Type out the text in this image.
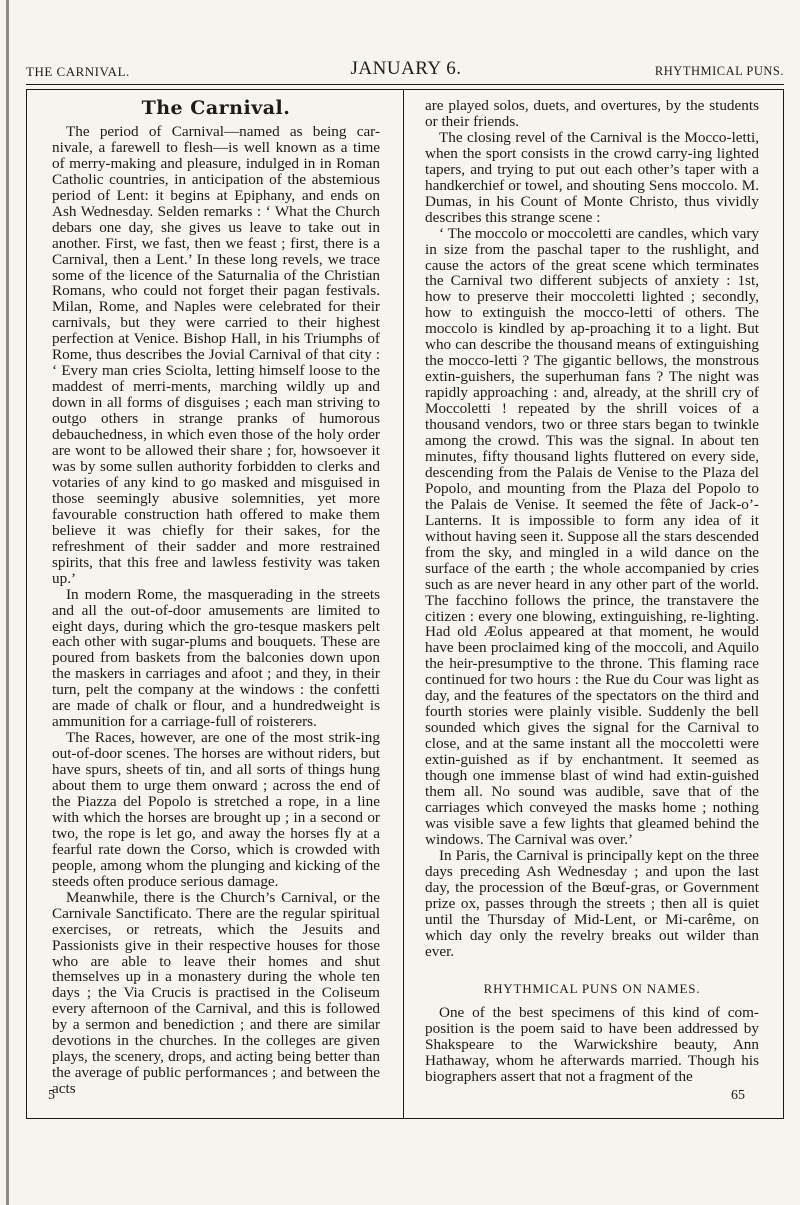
THE CARNIVAL.	JANUARY 6.	RHYTHMICAL PUNS.
The Carnival.

The period of Carnival—named as being car-nivale, a farewell to flesh—is well known as a time of merry-making and pleasure, indulged in in Roman Catholic countries, in anticipation of the abstemious period of Lent: it begins at Epiphany, and ends on Ash Wednesday. Selden remarks : ‘ What the Church debars one day, she gives us leave to take out in another. First, we fast, then we feast ; first, there is a Carnival, then a Lent.’ In these long revels, we trace some of the licence of the Saturnalia of the Christian Romans, who could not forget their pagan festivals. Milan, Rome, and Naples were celebrated for their carnivals, but they were carried to their highest perfection at Venice. Bishop Hall, in his Triumphs of Rome, thus describes the Jovial Carnival of that city : ‘ Every man cries Sciolta, letting himself loose to the maddest of merri-ments, marching wildly up and down in all forms of disguises ; each man striving to outgo others in strange pranks of humorous debauchedness, in which even those of the holy order are wont to be allowed their share ; for, howsoever it was by some sullen authority forbidden to clerks and votaries of any kind to go masked and misguised in those seemingly abusive solemnities, yet more favourable construction hath offered to make them believe it was chiefly for their sakes, for the refreshment of their sadder and more restrained spirits, that this free and lawless festivity was taken up.’

In modern Rome, the masquerading in the streets and all the out-of-door amusements are limited to eight days, during which the gro-tesque maskers pelt each other with sugar-plums and bouquets. These are poured from baskets from the balconies down upon the maskers in carriages and afoot ; and they, in their turn, pelt the company at the windows : the confetti are made of chalk or flour, and a hundredweight is ammunition for a carriage-full of roisterers.

The Races, however, are one of the most strik-ing out-of-door scenes. The horses are without riders, but have spurs, sheets of tin, and all sorts of things hung about them to urge them onward ; across the end of the Piazza del Popolo is stretched a rope, in a line with which the horses are brought up ; in a second or two, the rope is let go, and away the horses fly at a fearful rate down the Corso, which is crowded with people, among whom the plunging and kicking of the steeds often produce serious damage.

Meanwhile, there is the Church’s Carnival, or the Carnivale Sanctificato. There are the regular spiritual exercises, or retreats, which the Jesuits and Passionists give in their respective houses for those who are able to leave their homes and shut themselves up in a monastery during the whole ten days ; the Via Crucis is practised in the Coliseum every afternoon of the Carnival, and this is followed by a sermon and benediction ; and there are similar devotions in the churches. In the colleges are given plays, the scenery, drops, and acting being better than the average of public performances ; and between the acts

are played solos, duets, and overtures, by the students or their friends.

The closing revel of the Carnival is the Mocco-letti, when the sport consists in the crowd carry-ing lighted tapers, and trying to put out each other’s taper with a handkerchief or towel, and shouting Sens moccolo. M. Dumas, in his Count of Monte Christo, thus vividly describes this strange scene :

‘ The moccolo or moccoletti are candles, which vary in size from the paschal taper to the rushlight, and cause the actors of the great scene which terminates the Carnival two different subjects of anxiety : 1st, how to preserve their moccoletti lighted ; secondly, how to extinguish the mocco-letti of others. The moccolo is kindled by ap-proaching it to a light. But who can describe the thousand means of extinguishing the mocco-letti ? The gigantic bellows, the monstrous extin-guishers, the superhuman fans ? The night was rapidly approaching : and, already, at the shrill cry of Moccoletti ! repeated by the shrill voices of a thousand vendors, two or three stars began to twinkle among the crowd. This was the signal. In about ten minutes, fifty thousand lights fluttered on every side, descending from the Palais de Venise to the Plaza del Popolo, and mounting from the Plaza del Popolo to the Palais de Venise. It seemed the fête of Jack-o’-Lanterns. It is impossible to form any idea of it without having seen it. Suppose all the stars descended from the sky, and mingled in a wild dance on the surface of the earth ; the whole accompanied by cries such as are never heard in any other part of the world. The facchino follows the prince, the transtavere the citizen : every one blowing, extinguishing, re-lighting. Had old Æolus appeared at that moment, he would have been proclaimed king of the moccoli, and Aquilo the heir-presumptive to the throne. This flaming race continued for two hours : the Rue du Cour was light as day, and the features of the spectators on the third and fourth stories were plainly visible. Suddenly the bell sounded which gives the signal for the Carnival to close, and at the same instant all the moccoletti were extin-guished as if by enchantment. It seemed as though one immense blast of wind had extin-guished them all. No sound was audible, save that of the carriages which conveyed the masks home ; nothing was visible save a few lights that gleamed behind the windows. The Carnival was over.’

In Paris, the Carnival is principally kept on the three days preceding Ash Wednesday ; and upon the last day, the procession of the Bœuf-gras, or Government prize ox, passes through the streets ; then all is quiet until the Thursday of Mid-Lent, or Mi-carême, on which day only the revelry breaks out wilder than ever.

RHYTHMICAL PUNS ON NAMES.

One of the best specimens of this kind of com-position is the poem said to have been addressed by Shakspeare to the Warwickshire beauty, Ann Hathaway, whom he afterwards married. Though his biographers assert that not a fragment of the

5	65
